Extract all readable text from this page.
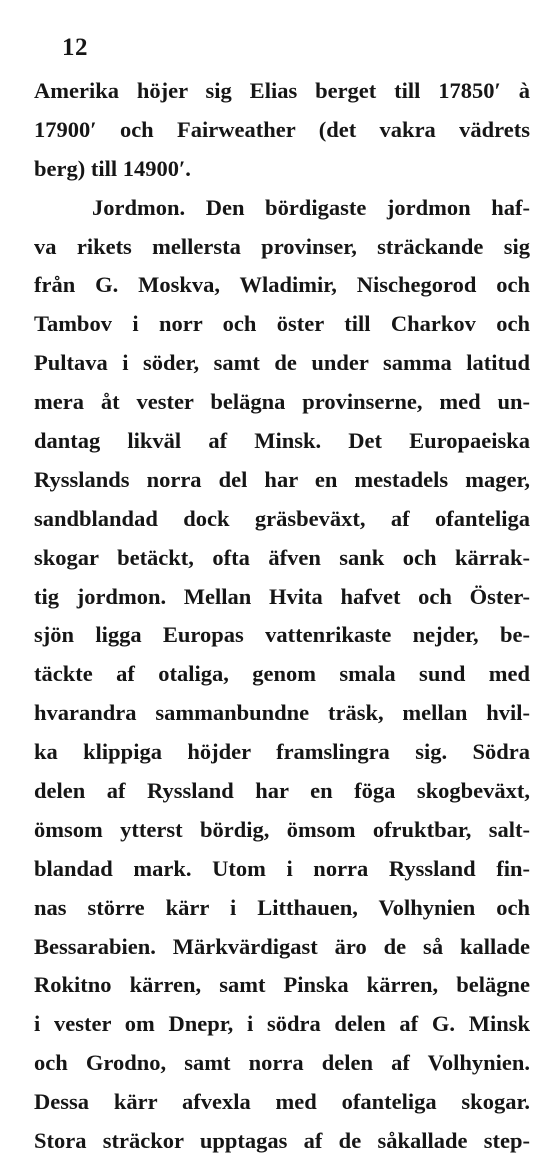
12
Amerika höjer sig Elias berget till 17850′ à
17900′ och Fairweather (det vakra vädrets
berg) till 14900′.
Jordmon. Den bördigaste jordmon haf-
va rikets mellersta provinser, sträckande sig
från G. Moskva, Wladimir, Nischegorod och
Tambov i norr och öster till Charkov och
Pultava i söder, samt de under samma latitud
mera åt vester belägna provinserne, med un-
dantag likväl af Minsk. Det Europaeiska
Rysslands norra del har en mestadels mager,
sandblandad dock gräsbeväxt, af ofanteliga
skogar betäckt, ofta äfven sank och kärrak-
tig jordmon. Mellan Hvita hafvet och Öster-
sjön ligga Europas vattenrikaste nejder, be-
täckte af otaliga, genom smala sund med
hvarandra sammanbundne träsk, mellan hvil-
ka klippiga höjder framslingra sig. Södra
delen af Ryssland har en föga skogbeväxt,
ömsom ytterst bördig, ömsom ofruktbar, salt-
blandad mark. Utom i norra Ryssland fin-
nas större kärr i Litthauen, Volhynien och
Bessarabien. Märkvärdigast äro de så kallade
Rokitno kärren, samt Pinska kärren, belägne
i vester om Dnepr, i södra delen af G. Minsk
och Grodno, samt norra delen af Volhynien.
Dessa kärr afvexla med ofanteliga skogar.
Stora sträckor upptagas af de såkallade step-
